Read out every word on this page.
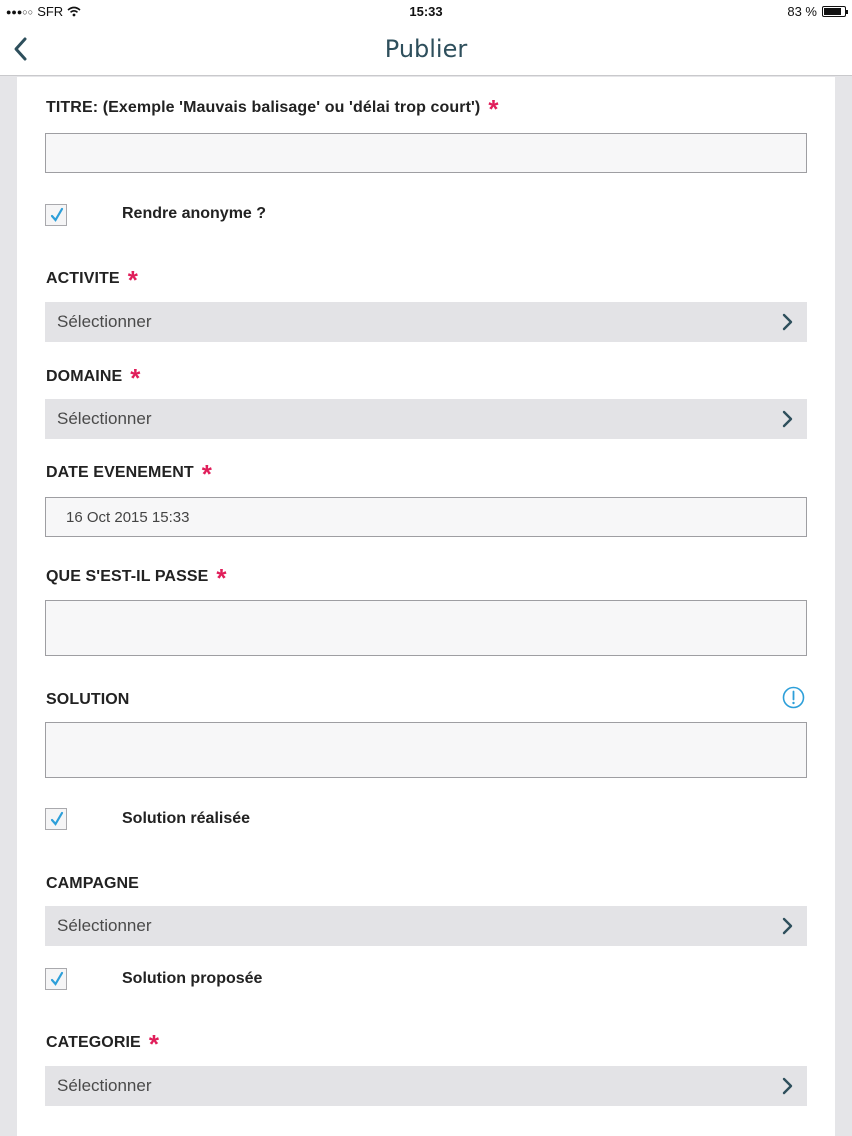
●●●○○ SFR	15:33	83 %
Publier
TITRE: (Exemple 'Mauvais balisage' ou 'délai trop court') *
Rendre anonyme ?
ACTIVITE *
Sélectionner
DOMAINE *
Sélectionner
DATE EVENEMENT *
16 Oct 2015 15:33
QUE S'EST-IL PASSE *
SOLUTION
Solution réalisée
CAMPAGNE
Sélectionner
Solution proposée
CATEGORIE *
Sélectionner
